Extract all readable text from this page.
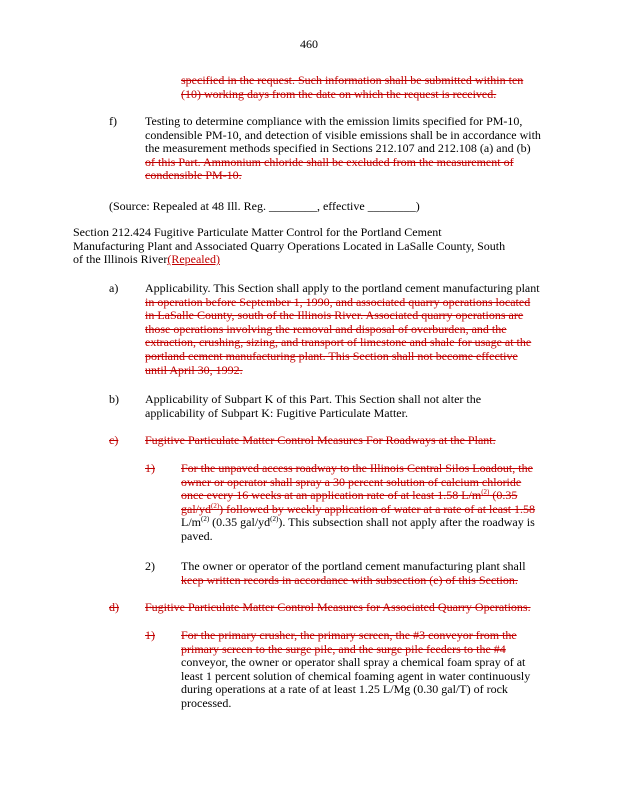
460
specified in the request. Such information shall be submitted within ten
(10) working days from the date on which the request is received.
f) Testing to determine compliance with the emission limits specified for PM-10,
condensible PM-10, and detection of visible emissions shall be in accordance with
the measurement methods specified in Sections 212.107 and 212.108 (a) and (b)
of this Part. Ammonium chloride shall be excluded from the measurement of
condensible PM-10.
(Source: Repealed at 48 Ill. Reg. ________, effective ________)
Section 212.424 Fugitive Particulate Matter Control for the Portland Cement
Manufacturing Plant and Associated Quarry Operations Located in LaSalle County, South
of the Illinois River(Repealed)
a) Applicability. This Section shall apply to the portland cement manufacturing plant
in operation before September 1, 1990, and associated quarry operations located
in LaSalle County, south of the Illinois River. Associated quarry operations are
those operations involving the removal and disposal of overburden, and the
extraction, crushing, sizing, and transport of limestone and shale for usage at the
portland cement manufacturing plant. This Section shall not become effective
until April 30, 1992.
b) Applicability of Subpart K of this Part. This Section shall not alter the
applicability of Subpart K: Fugitive Particulate Matter.
c) Fugitive Particulate Matter Control Measures For Roadways at the Plant.
1) For the unpaved access roadway to the Illinois Central Silos Loadout, the
owner or operator shall spray a 30 percent solution of calcium chloride
once every 16 weeks at an application rate of at least 1.58 $L/m^{(2)}$ (0.35
gal/$yd^{(2)}$) followed by weekly application of water at a rate of at least 1.58
$L/m^{(2)}$ (0.35 gal/$yd^{(2)}$). This subsection shall not apply after the roadway is
paved.
2) The owner or operator of the portland cement manufacturing plant shall
keep written records in accordance with subsection (e) of this Section.
d) Fugitive Particulate Matter Control Measures for Associated Quarry Operations.
1) For the primary crusher, the primary screen, the #3 conveyor from the
primary screen to the surge pile, and the surge pile feeders to the #4
conveyor, the owner or operator shall spray a chemical foam spray of at
least 1 percent solution of chemical foaming agent in water continuously
during operations at a rate of at least 1.25 L/Mg (0.30 gal/T) of rock
processed.
